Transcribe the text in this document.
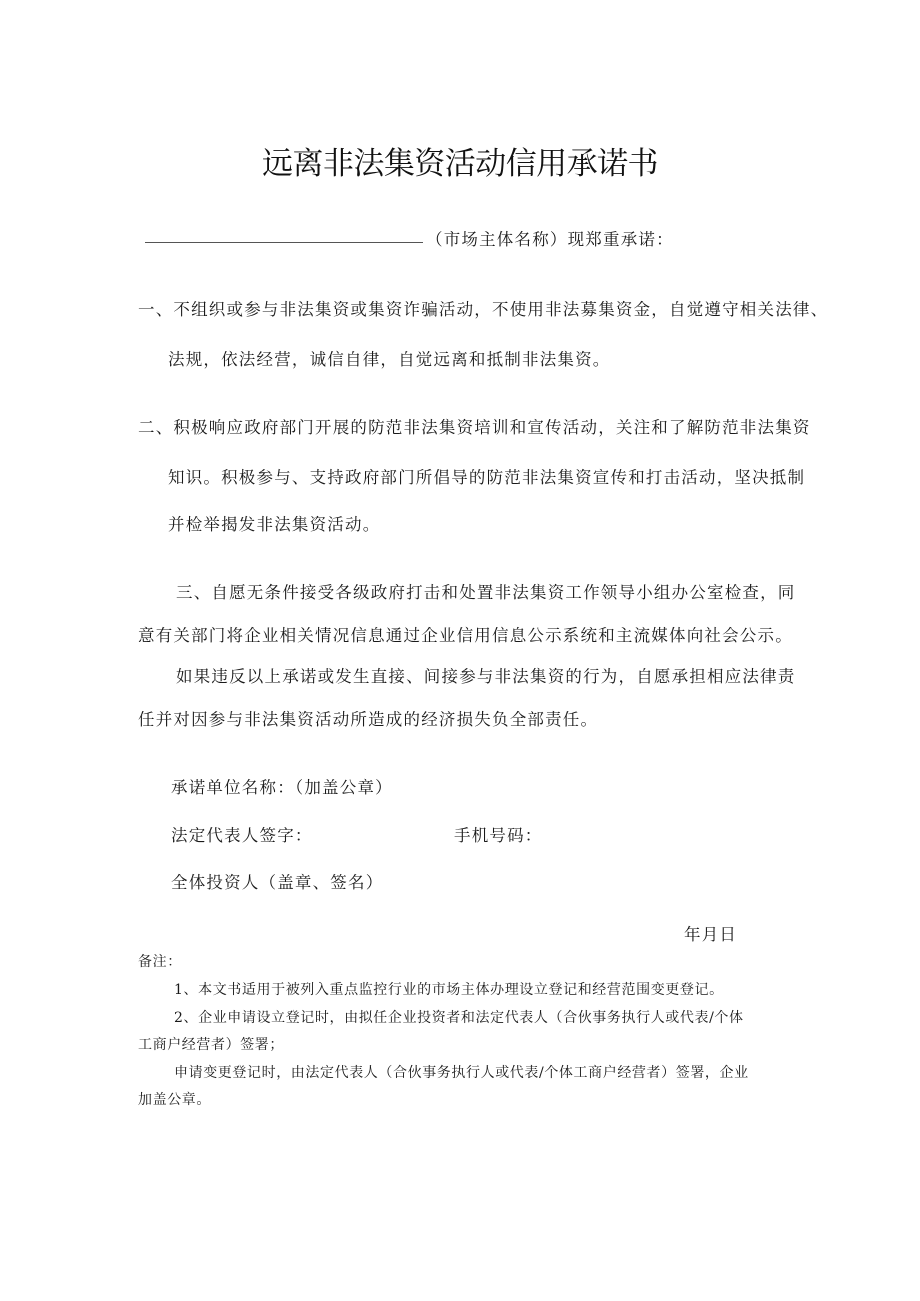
远离非法集资活动信用承诺书
（市场主体名称）现郑重承诺：
一、不组织或参与非法集资或集资诈骗活动，不使用非法募集资金，自觉遵守相关法律、
法规，依法经营，诚信自律，自觉远离和抵制非法集资。
二、积极响应政府部门开展的防范非法集资培训和宣传活动，关注和了解防范非法集资
知识。积极参与、支持政府部门所倡导的防范非法集资宣传和打击活动，坚决抵制
并检举揭发非法集资活动。
三、自愿无条件接受各级政府打击和处置非法集资工作领导小组办公室检查，同
意有关部门将企业相关情况信息通过企业信用信息公示系统和主流媒体向社会公示。
如果违反以上承诺或发生直接、间接参与非法集资的行为，自愿承担相应法律责
任并对因参与非法集资活动所造成的经济损失负全部责任。
承诺单位名称：（加盖公章）
法定代表人签字：	手机号码：
全体投资人（盖章、签名）
年月日
备注：
1、本文书适用于被列入重点监控行业的市场主体办理设立登记和经营范围变更登记。
2、企业申请设立登记时，由拟任企业投资者和法定代表人（合伙事务执行人或代表/个体
工商户经营者）签署；
申请变更登记时，由法定代表人（合伙事务执行人或代表/个体工商户经营者）签署，企业
加盖公章。
